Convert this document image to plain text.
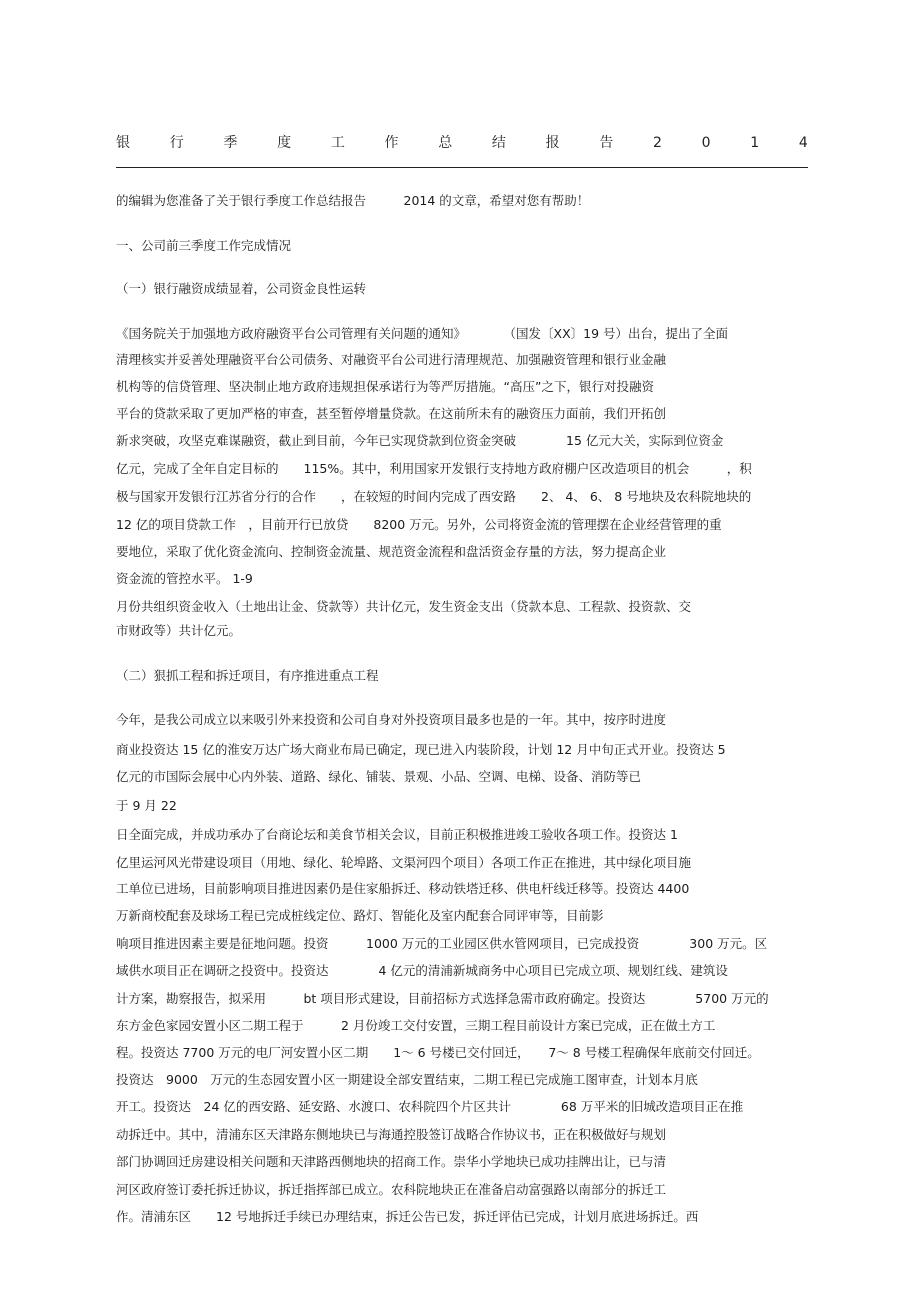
银	行	季	度	工	作	总	结	报	告	2	0	1	4
的编辑为您准备了关于银行季度工作总结报告　　　2014 的文章，希望对您有帮助！
一、公司前三季度工作完成情况
（一）银行融资成绩显着，公司资金良性运转
《国务院关于加强地方政府融资平台公司管理有关问题的通知》　　　　（国发〔XX〕19 号）出台，提出了全面
清理核实并妥善处理融资平台公司债务、对融资平台公司进行清理规范、加强融资管理和银行业金融
机构等的信贷管理、坚决制止地方政府违规担保承诺行为等严厉措施。“高压”之下，银行对投融资
平台的贷款采取了更加严格的审查，甚至暂停增量贷款。在这前所未有的融资压力面前，我们开拓创
新求突破，攻坚克难谋融资，截止到目前，今年已实现贷款到位资金突破　　　　15 亿元大关，实际到位资金
亿元，完成了全年自定目标的　　115%。其中，利用国家开发银行支持地方政府棚户区改造项目的机会　　　，积
极与国家开发银行江苏省分行的合作　　，在较短的时间内完成了西安路　　2、 4、 6、 8 号地块及农科院地块的
12 亿的项目贷款工作　，目前开行已放贷　　8200 万元。另外，公司将资金流的管理摆在企业经营管理的重
要地位，采取了优化资金流向、控制资金流量、规范资金流程和盘活资金存量的方法，努力提高企业
资金流的管控水平。 1-9
月份共组织资金收入（土地出让金、贷款等）共计亿元，发生资金支出（贷款本息、工程款、投资款、交
市财政等）共计亿元。
（二）狠抓工程和拆迁项目，有序推进重点工程
今年，是我公司成立以来吸引外来投资和公司自身对外投资项目最多也是的一年。其中，按序时进度
商业投资达 15 亿的淮安万达广场大商业布局已确定，现已进入内装阶段，计划 12 月中旬正式开业。投资达 5
亿元的市国际会展中心内外装、道路、绿化、铺装、景观、小品、空调、电梯、设备、消防等已
于 9 月 22
日全面完成，并成功承办了台商论坛和美食节相关会议，目前正积极推进竣工验收各项工作。投资达 1
亿里运河风光带建设项目（用地、绿化、轮埠路、文渠河四个项目）各项工作正在推进，其中绿化项目施
工单位已进场，目前影响项目推进因素仍是住家船拆迁、移动铁塔迁移、供电杆线迁移等。投资达 4400
万新商校配套及球场工程已完成桩线定位、路灯、智能化及室内配套合同评审等，目前影
响项目推进因素主要是征地问题。投资　　　1000 万元的工业园区供水管网项目，已完成投资　　　　300 万元。区
域供水项目正在调研之投资中。投资达　　　　4 亿元的清浦新城商务中心项目已完成立项、规划红线、建筑设
计方案，勘察报告，拟采用　　　bt 项目形式建设，目前招标方式选择急需市政府确定。投资达　　　　5700 万元的
东方金色家园安置小区二期工程于　　　2 月份竣工交付安置，三期工程目前设计方案已完成，正在做土方工
程。投资达 7700 万元的电厂河安置小区二期　　1～ 6 号楼已交付回迁，　　7～ 8 号楼工程确保年底前交付回迁。
投资达　9000　万元的生态园安置小区一期建设全部安置结束，二期工程已完成施工图审查，计划本月底
开工。投资达　24 亿的西安路、延安路、水渡口、农科院四个片区共计　　　　68 万平米的旧城改造项目正在推
动拆迁中。其中，清浦东区天津路东侧地块已与海通控股签订战略合作协议书，正在积极做好与规划
部门协调回迁房建设相关问题和天津路西侧地块的招商工作。崇华小学地块已成功挂牌出让，已与清
河区政府签订委托拆迁协议，拆迁指挥部已成立。农科院地块正在准备启动富强路以南部分的拆迁工
作。清浦东区　　12 号地拆迁手续已办理结束，拆迁公告已发，拆迁评估已完成，计划月底进场拆迁。西
